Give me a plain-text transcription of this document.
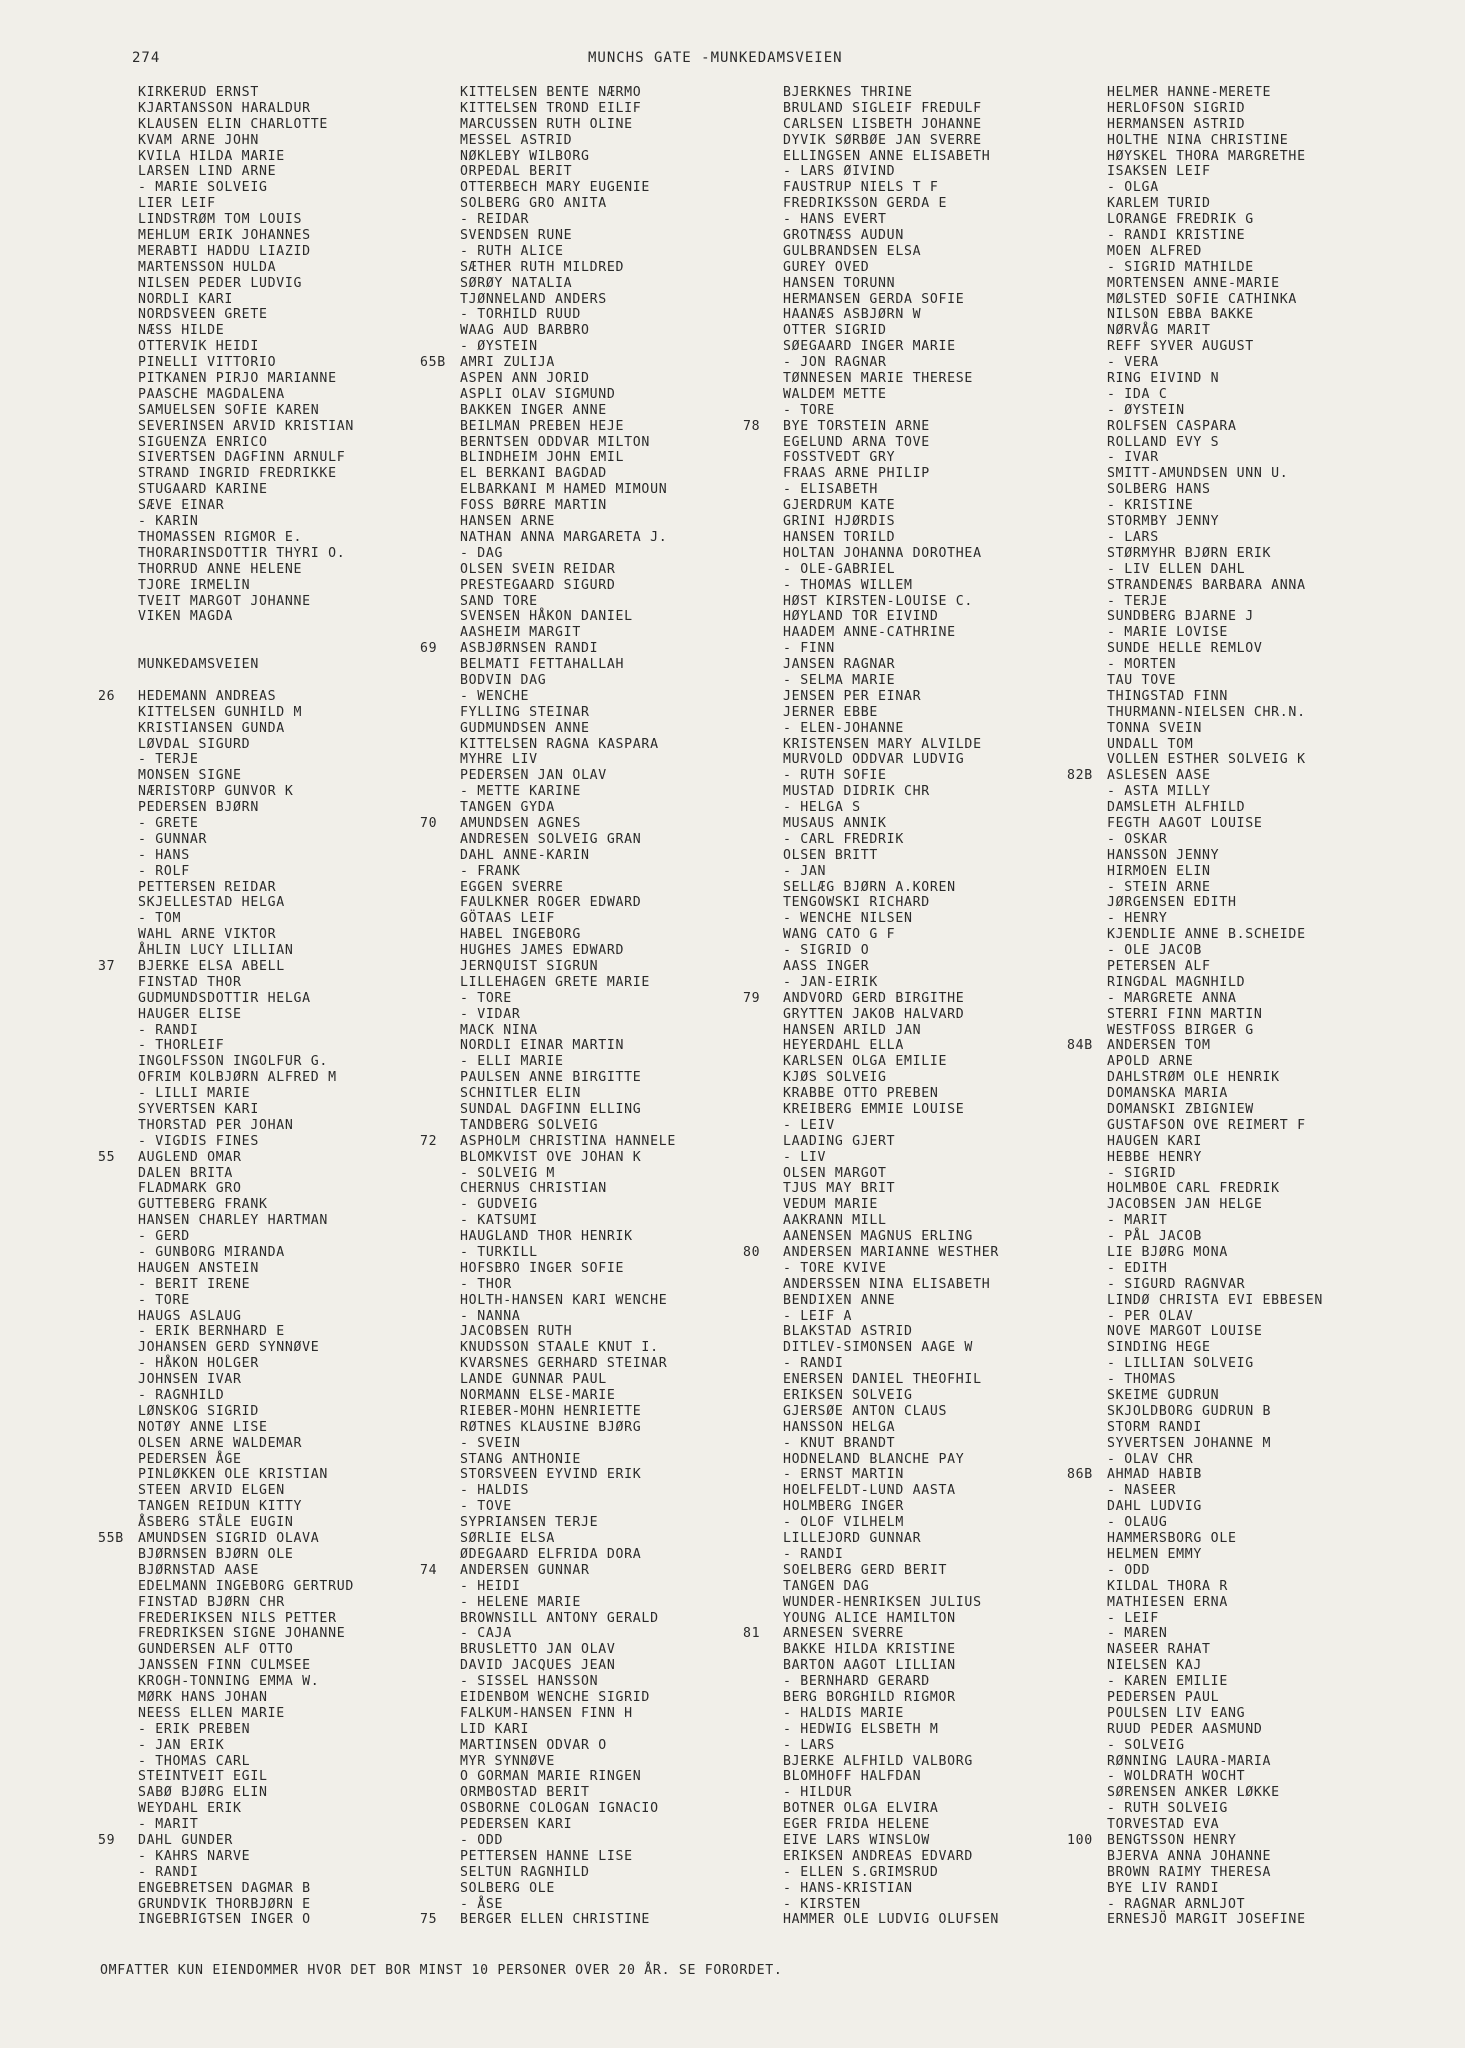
274	MUNCHS GATE -MUNKEDAMSVEIEN
KIRKERUD ERNST
KJARTANSSON HARALDUR
KLAUSEN ELIN CHARLOTTE
KVAM ARNE JOHN
KVILA HILDA MARIE
LARSEN LIND ARNE
- MARIE SOLVEIG
LIER LEIF
LINDSTRØM TOM LOUIS
MEHLUM ERIK JOHANNES
MERABTI HADDU LIAZID
MARTENSSON HULDA
NILSEN PEDER LUDVIG
NORDLI KARI
NORDSVEEN GRETE
NÆSS HILDE
OTTERVIK HEIDI
PINELLI VITTORIO
PITKANEN PIRJO MARIANNE
PAASCHE MAGDALENA
SAMUELSEN SOFIE KAREN
SEVERINSEN ARVID KRISTIAN
SIGUENZA ENRICO
SIVERTSEN DAGFINN ARNULF
STRAND INGRID FREDRIKKE
STUGAARD KARINE
SÆVE EINAR
- KARIN
THOMASSEN RIGMOR E.
THORARINSDOTTIR THYRI O.
THORRUD ANNE HELENE
TJORE IRMELIN
TVEIT MARGOT JOHANNE
VIKEN MAGDA
MUNKEDAMSVEIEN
26 HEDEMANN ANDREAS
KITTELSEN GUNHILD M
KRISTIANSEN GUNDA
LØVDAL SIGURD
- TERJE
MONSEN SIGNE
NÆRISTORP GUNVOR K
PEDERSEN BJØRN
- GRETE
- GUNNAR
- HANS
- ROLF
PETTERSEN REIDAR
SKJELLESTAD HELGA
- TOM
WAHL ARNE VIKTOR
ÅHLIN LUCY LILLIAN
37 BJERKE ELSA ABELL
FINSTAD THOR
GUDMUNDSDOTTIR HELGA
HAUGER ELISE
- RANDI
- THORLEIF
INGOLFSSON INGOLFUR G.
OFRIM KOLBJØRN ALFRED M
- LILLI MARIE
SYVERTSEN KARI
THORSTAD PER JOHAN
- VIGDIS FINES
55 AUGLEND OMAR
DALEN BRITA
FLADMARK GRO
GUTTEBERG FRANK
HANSEN CHARLEY HARTMAN
- GERD
- GUNBORG MIRANDA
HAUGEN ANSTEIN
- BERIT IRENE
- TORE
HAUGS ASLAUG
- ERIK BERNHARD E
JOHANSEN GERD SYNNØVE
- HÅKON HOLGER
JOHNSEN IVAR
- RAGNHILD
LØNSKOG SIGRID
NOTØY ANNE LISE
OLSEN ARNE WALDEMAR
PEDERSEN ÅGE
PINLØKKEN OLE KRISTIAN
STEEN ARVID ELGEN
TANGEN REIDUN KITTY
ÅSBERG STÅLE EUGIN
55B AMUNDSEN SIGRID OLAVA
BJØRNSEN BJØRN OLE
BJØRNSTAD AASE
EDELMANN INGEBORG GERTRUD
FINSTAD BJØRN CHR
FREDERIKSEN NILS PETTER
FREDRIKSEN SIGNE JOHANNE
GUNDERSEN ALF OTTO
JANSSEN FINN CULMSEE
KROGH-TONNING EMMA W.
MØRK HANS JOHAN
NEESS ELLEN MARIE
- ERIK PREBEN
- JAN ERIK
- THOMAS CARL
STEINTVEIT EGIL
SABØ BJØRG ELIN
WEYDAHL ERIK
- MARIT
59 DAHL GUNDER
- KAHRS NARVE
- RANDI
ENGEBRETSEN DAGMAR B
GRUNDVIK THORBJØRN E
INGEBRIGTSEN INGER O
KITTELSEN BENTE NÆRMO
KITTELSEN TROND EILIF
MARCUSSEN RUTH OLINE
MESSEL ASTRID
NØKLEBY WILBORG
ORPEDAL BERIT
OTTERBECH MARY EUGENIE
SOLBERG GRO ANITA
- REIDAR
SVENDSEN RUNE
- RUTH ALICE
SÆTHER RUTH MILDRED
SØRØY NATALIA
TJØNNELAND ANDERS
- TORHILD RUUD
WAAG AUD BARBRO
- ØYSTEIN
65B AMRI ZULIJA
ASPEN ANN JORID
ASPLI OLAV SIGMUND
BAKKEN INGER ANNE
BEILMAN PREBEN HEJE
BERNTSEN ODDVAR MILTON
BLINDHEIM JOHN EMIL
EL BERKANI BAGDAD
ELBARKANI M HAMED MIMOUN
FOSS BØRRE MARTIN
HANSEN ARNE
NATHAN ANNA MARGARETA J.
- DAG
OLSEN SVEIN REIDAR
PRESTEGAARD SIGURD
SAND TORE
SVENSEN HÅKON DANIEL
AASHEIM MARGIT
69 ASBJØRNSEN RANDI
BELMATI FETTAHALLAH
BODVIN DAG
- WENCHE
FYLLING STEINAR
GUDMUNDSEN ANNE
KITTELSEN RAGNA KASPARA
MYHRE LIV
PEDERSEN JAN OLAV
- METTE KARINE
TANGEN GYDA
70 AMUNDSEN AGNES
ANDRESEN SOLVEIG GRAN
DAHL ANNE-KARIN
- FRANK
EGGEN SVERRE
FAULKNER ROGER EDWARD
GÖTAAS LEIF
HABEL INGEBORG
HUGHES JAMES EDWARD
JERNQUIST SIGRUN
LILLEHAGEN GRETE MARIE
- TORE
- VIDAR
MACK NINA
NORDLI EINAR MARTIN
- ELLI MARIE
PAULSEN ANNE BIRGITTE
SCHNITLER ELIN
SUNDAL DAGFINN ELLING
TANDBERG SOLVEIG
72 ASPHOLM CHRISTINA HANNELE
BLOMKVIST OVE JOHAN K
- SOLVEIG M
CHERNUS CHRISTIAN
- GUDVEIG
- KATSUMI
HAUGLAND THOR HENRIK
- TURKILL
HOFSBRO INGER SOFIE
- THOR
HOLTH-HANSEN KARI WENCHE
- NANNA
JACOBSEN RUTH
KNUDSSON STAALE KNUT I.
KVARSNES GERHARD STEINAR
LANDE GUNNAR PAUL
NORMANN ELSE-MARIE
RIEBER-MOHN HENRIETTE
RØTNES KLAUSINE BJØRG
- SVEIN
STANG ANTHONIE
STORSVEEN EYVIND ERIK
- HALDIS
- TOVE
SYPRIANSEN TERJE
SØRLIE ELSA
ØDEGAARD ELFRIDA DORA
74 ANDERSEN GUNNAR
- HEIDI
- HELENE MARIE
BROWNSILL ANTONY GERALD
- CAJA
BRUSLETTO JAN OLAV
DAVID JACQUES JEAN
- SISSEL HANSSON
EIDENBOM WENCHE SIGRID
FALKUM-HANSEN FINN H
LID KARI
MARTINSEN ODVAR O
MYR SYNNØVE
O GORMAN MARIE RINGEN
ORMBOSTAD BERIT
OSBORNE COLOGAN IGNACIO
PEDERSEN KARI
- ODD
PETTERSEN HANNE LISE
SELTUN RAGNHILD
SOLBERG OLE
- ÅSE
75 BERGER ELLEN CHRISTINE
BJERKNES THRINE
BRULAND SIGLEIF FREDULF
CARLSEN LISBETH JOHANNE
DYVIK SØRBØE JAN SVERRE
ELLINGSEN ANNE ELISABETH
- LARS ØIVIND
FAUSTRUP NIELS T F
FREDRIKSSON GERDA E
- HANS EVERT
GROTNÆSS AUDUN
GULBRANDSEN ELSA
GUREY OVED
HANSEN TORUNN
HERMANSEN GERDA SOFIE
HAANÆS ASBJØRN W
OTTER SIGRID
SØEGAARD INGER MARIE
- JON RAGNAR
TØNNESEN MARIE THERESE
WALDEM METTE
- TORE
78 BYE TORSTEIN ARNE
EGELUND ARNA TOVE
FOSSTVEDT GRY
FRAAS ARNE PHILIP
- ELISABETH
GJERDRUM KATE
GRINI HJØRDIS
HANSEN TORILD
HOLTAN JOHANNA DOROTHEA
- OLE-GABRIEL
- THOMAS WILLEM
HØST KIRSTEN-LOUISE C.
HØYLAND TOR EIVIND
HAADEM ANNE-CATHRINE
- FINN
JANSEN RAGNAR
- SELMA MARIE
JENSEN PER EINAR
JERNER EBBE
- ELEN-JOHANNE
KRISTENSEN MARY ALVILDE
MURVOLD ODDVAR LUDVIG
- RUTH SOFIE
MUSTAD DIDRIK CHR
- HELGA S
MUSAUS ANNIK
- CARL FREDRIK
OLSEN BRITT
- JAN
SELLÆG BJØRN A.KOREN
TENGOWSKI RICHARD
- WENCHE NILSEN
WANG CATO G F
- SIGRID O
AASS INGER
- JAN-EIRIK
79 ANDVORD GERD BIRGITHE
GRYTTEN JAKOB HALVARD
HANSEN ARILD JAN
HEYERDAHL ELLA
KARLSEN OLGA EMILIE
KJØS SOLVEIG
KRABBE OTTO PREBEN
KREIBERG EMMIE LOUISE
- LEIV
LAADING GJERT
- LIV
OLSEN MARGOT
TJUS MAY BRIT
VEDUM MARIE
AAKRANN MILL
AANENSEN MAGNUS ERLING
80 ANDERSEN MARIANNE WESTHER
- TORE KVIVE
ANDERSSEN NINA ELISABETH
BENDIXEN ANNE
- LEIF A
BLAKSTAD ASTRID
DITLEV-SIMONSEN AAGE W
- RANDI
ENERSEN DANIEL THEOFHIL
ERIKSEN SOLVEIG
GJERSØE ANTON CLAUS
HANSSON HELGA
- KNUT BRANDT
HODNELAND BLANCHE PAY
- ERNST MARTIN
HOELFELDT-LUND AASTA
HOLMBERG INGER
- OLOF VILHELM
LILLEJORD GUNNAR
- RANDI
SOELBERG GERD BERIT
TANGEN DAG
WUNDER-HENRIKSEN JULIUS
YOUNG ALICE HAMILTON
81 ARNESEN SVERRE
BAKKE HILDA KRISTINE
BARTON AAGOT LILLIAN
- BERNHARD GERARD
BERG BORGHILD RIGMOR
- HALDIS MARIE
- HEDWIG ELSBETH M
- LARS
BJERKE ALFHILD VALBORG
BLOMHOFF HALFDAN
- HILDUR
BOTNER OLGA ELVIRA
EGER FRIDA HELENE
EIVE LARS WINSLOW
ERIKSEN ANDREAS EDVARD
- ELLEN S.GRIMSRUD
- HANS-KRISTIAN
- KIRSTEN
HAMMER OLE LUDVIG OLUFSEN
HELMER HANNE-MERETE
HERLOFSON SIGRID
HERMANSEN ASTRID
HOLTHE NINA CHRISTINE
HØYSKEL THORA MARGRETHE
ISAKSEN LEIF
- OLGA
KARLEM TURID
LORANGE FREDRIK G
- RANDI KRISTINE
MOEN ALFRED
- SIGRID MATHILDE
MORTENSEN ANNE-MARIE
MØLSTED SOFIE CATHINKA
NILSON EBBA BAKKE
NØRVÅG MARIT
REFF SYVER AUGUST
- VERA
RING EIVIND N
- IDA C
- ØYSTEIN
ROLFSEN CASPARA
ROLLAND EVY S
- IVAR
SMITT-AMUNDSEN UNN U.
SOLBERG HANS
- KRISTINE
STORMBY JENNY
- LARS
STØRMYHR BJØRN ERIK
- LIV ELLEN DAHL
STRANDENÆS BARBARA ANNA
- TERJE
SUNDBERG BJARNE J
- MARIE LOVISE
SUNDE HELLE REMLOV
- MORTEN
TAU TOVE
THINGSTAD FINN
THURMANN-NIELSEN CHR.N.
TONNA SVEIN
UNDALL TOM
VOLLEN ESTHER SOLVEIG K
82B ASLESEN AASE
- ASTA MILLY
DAMSLETH ALFHILD
FEGTH AAGOT LOUISE
- OSKAR
HANSSON JENNY
HIRMOEN ELIN
- STEIN ARNE
JØRGENSEN EDITH
- HENRY
KJENDLIE ANNE B.SCHEIDE
- OLE JACOB
PETERSEN ALF
RINGDAL MAGNHILD
- MARGRETE ANNA
STERRI FINN MARTIN
WESTFOSS BIRGER G
84B ANDERSEN TOM
APOLD ARNE
DAHLSTRØM OLE HENRIK
DOMANSKA MARIA
DOMANSKI ZBIGNIEW
GUSTAFSON OVE REIMERT F
HAUGEN KARI
HEBBE HENRY
- SIGRID
HOLMBOE CARL FREDRIK
JACOBSEN JAN HELGE
- MARIT
- PÅL JACOB
LIE BJØRG MONA
- EDITH
- SIGURD RAGNVAR
LINDØ CHRISTA EVI EBBESEN
- PER OLAV
NOVE MARGOT LOUISE
SINDING HEGE
- LILLIAN SOLVEIG
- THOMAS
SKEIME GUDRUN
SKJOLDBORG GUDRUN B
STORM RANDI
SYVERTSEN JOHANNE M
- OLAV CHR
86B AHMAD HABIB
- NASEER
DAHL LUDVIG
- OLAUG
HAMMERSBORG OLE
HELMEN EMMY
- ODD
KILDAL THORA R
MATHIESEN ERNA
- LEIF
- MAREN
NASEER RAHAT
NIELSEN KAJ
- KAREN EMILIE
PEDERSEN PAUL
POULSEN LIV EANG
RUUD PEDER AASMUND
- SOLVEIG
RØNNING LAURA-MARIA
- WOLDRATH WOCHT
SØRENSEN ANKER LØKKE
- RUTH SOLVEIG
TORVESTAD EVA
100 BENGTSSON HENRY
BJERVA ANNA JOHANNE
BROWN RAIMY THERESA
BYE LIV RANDI
- RAGNAR ARNLJOT
ERNESJÖ MARGIT JOSEFINE
OMFATTER KUN EIENDOMMER HVOR DET BOR MINST 10 PERSONER OVER 20 ÅR. SE FORORDET.
